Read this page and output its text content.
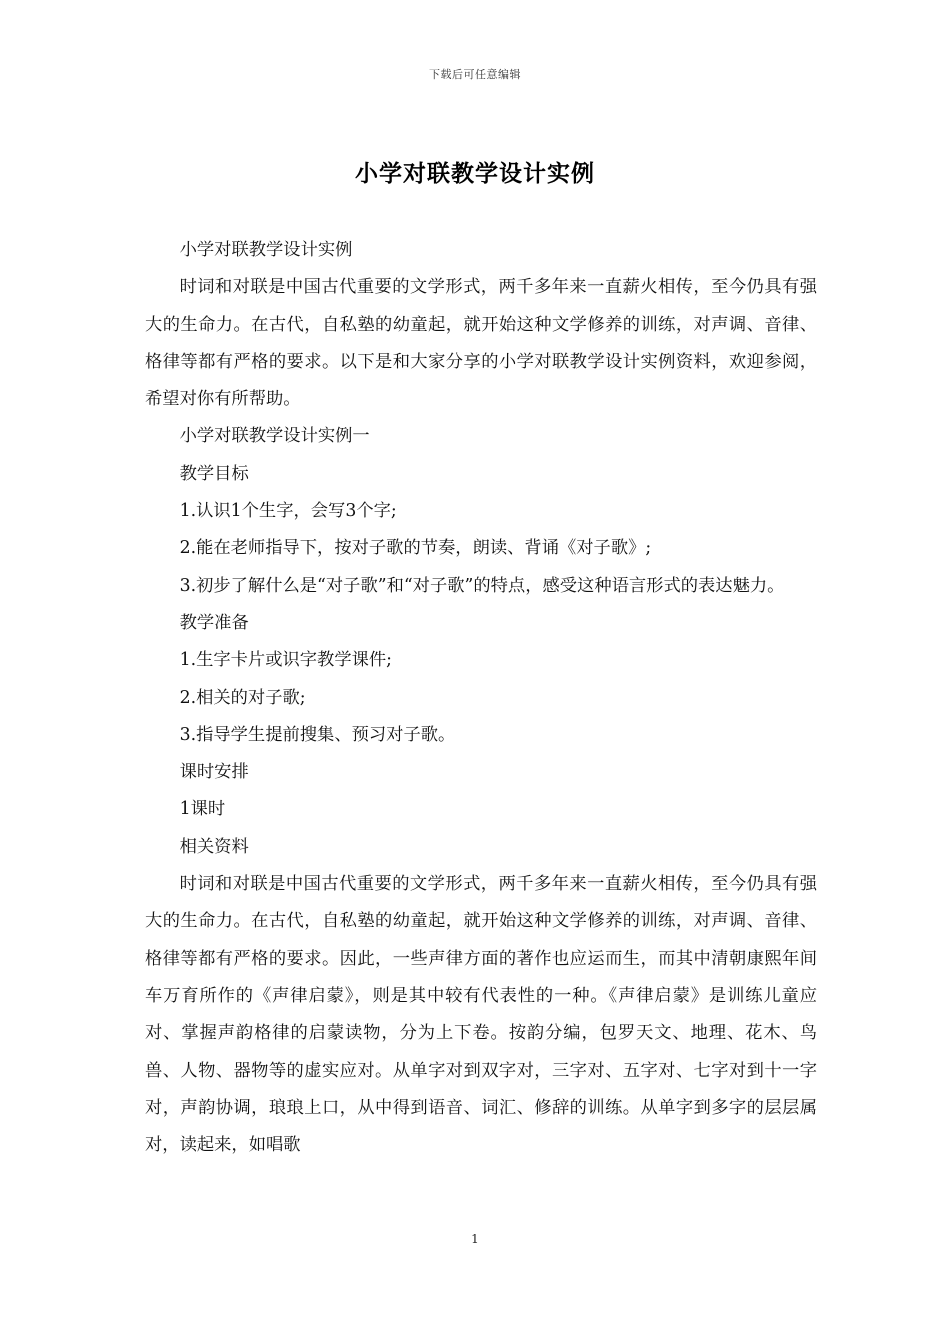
下载后可任意编辑
小学对联教学设计实例

小学对联教学设计实例

时词和对联是中国古代重要的文学形式，两千多年来一直薪火相传，至今仍具有强大的生命力。在古代，自私塾的幼童起，就开始这种文学修养的训练，对声调、音律、格律等都有严格的要求。以下是和大家分享的小学对联教学设计实例资料，欢迎参阅，希望对你有所帮助。

小学对联教学设计实例一

教学目标

1.认识1个生字，会写3个字;

2.能在老师指导下，按对子歌的节奏，朗读、背诵《对子歌》;

3.初步了解什么是“对子歌”和“对子歌”的特点，感受这种语言形式的表达魅力。

教学准备

1.生字卡片或识字教学课件;

2.相关的对子歌;

3.指导学生提前搜集、预习对子歌。

课时安排

1课时

相关资料

时词和对联是中国古代重要的文学形式，两千多年来一直薪火相传，至今仍具有强大的生命力。在古代，自私塾的幼童起，就开始这种文学修养的训练，对声调、音律、格律等都有严格的要求。因此，一些声律方面的著作也应运而生，而其中清朝康熙年间车万育所作的《声律启蒙》，则是其中较有代表性的一种。《声律启蒙》是训练儿童应对、掌握声韵格律的启蒙读物，分为上下卷。按韵分编，包罗天文、地理、花木、鸟兽、人物、器物等的虚实应对。从单字对到双字对，三字对、五字对、七字对到十一字对，声韵协调，琅琅上口，从中得到语音、词汇、修辞的训练。从单字到多字的层层属对，读起来，如唱歌

1
